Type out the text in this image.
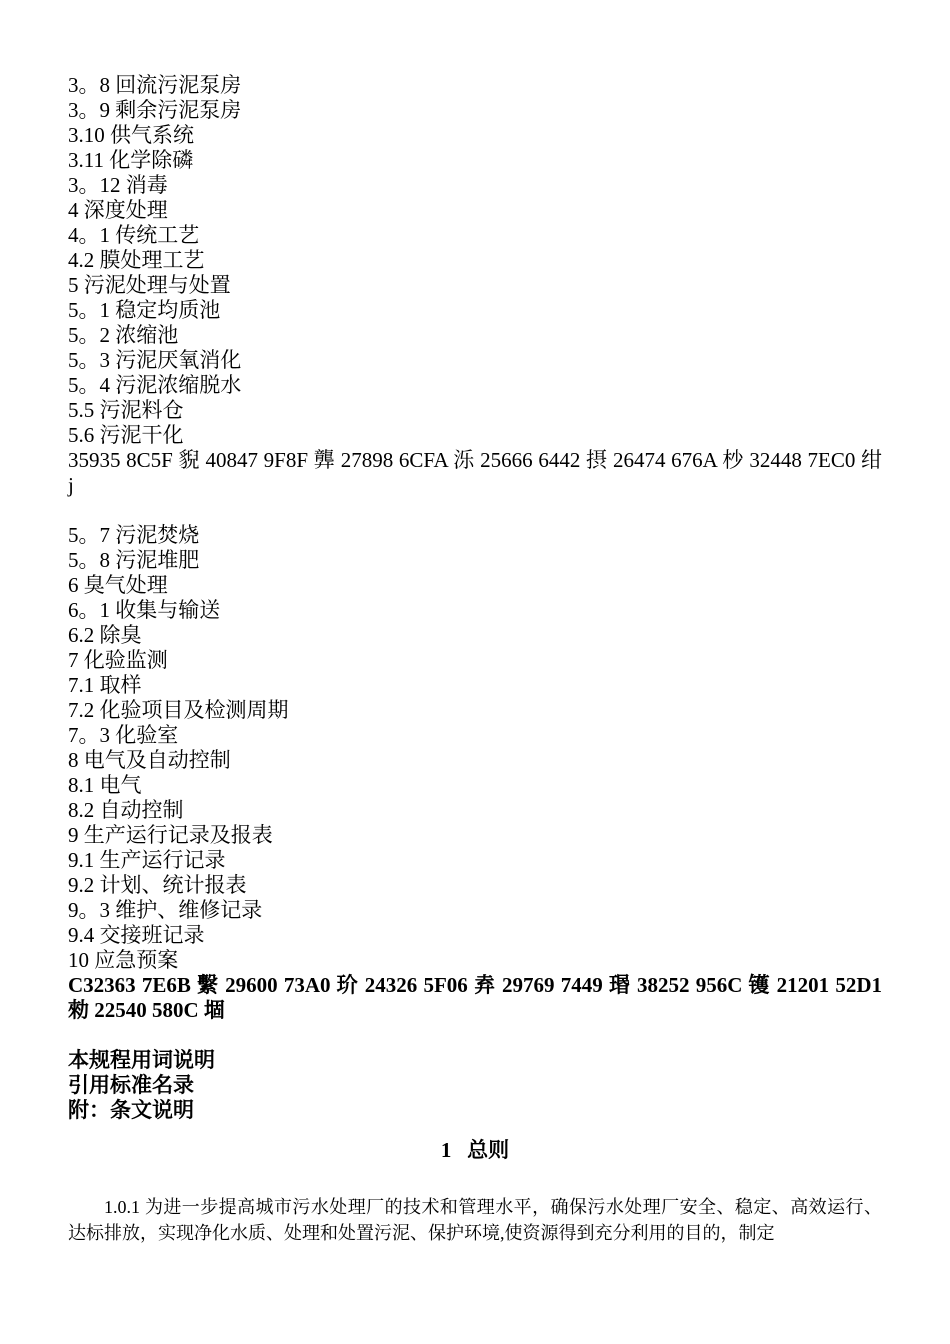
3。8 回流污泥泵房
3。9 剩余污泥泵房
3.10 供气系统
3.11 化学除磷
3。12 消毒
4 深度处理
4。1 传统工艺
4.2 膜处理工艺
5 污泥处理与处置
5。1 稳定均质池
5。2 浓缩池
5。3 污泥厌氧消化
5。4 污泥浓缩脱水
5.5 污泥料仓
5.6 污泥干化
35935 8C5F 貎 40847 9F8F 龏 27898 6CFA 泺 25666 6442 摂 26474 676A 杪 32448 7EC0 绀 j
5。7 污泥焚烧
5。8 污泥堆肥
6 臭气处理
6。1 收集与输送
6.2 除臭
7 化验监测
7.1 取样
7.2 化验项目及检测周期
7。3 化验室
8 电气及自动控制
8.1 电气
8.2 自动控制
9 生产运行记录及报表
9.1 生产运行记录
9.2 计划、统计报表
9。3 维护、维修记录
9.4 交接班记录
10 应急预案
C32363 7E6B 繫 29600 73A0 玠 24326 5F06 弆 29769 7449 瑉 38252 956C 镬 21201 52D1 勑 22540 580C 堌
本规程用词说明
引用标准名录
附：条文说明
1   总则
1.0.1 为进一步提高城市污水处理厂的技术和管理水平，确保污水处理厂安全、稳定、高效运行、达标排放，实现净化水质、处理和处置污泥、保护环境,使资源得到充分利用的目的，制定
